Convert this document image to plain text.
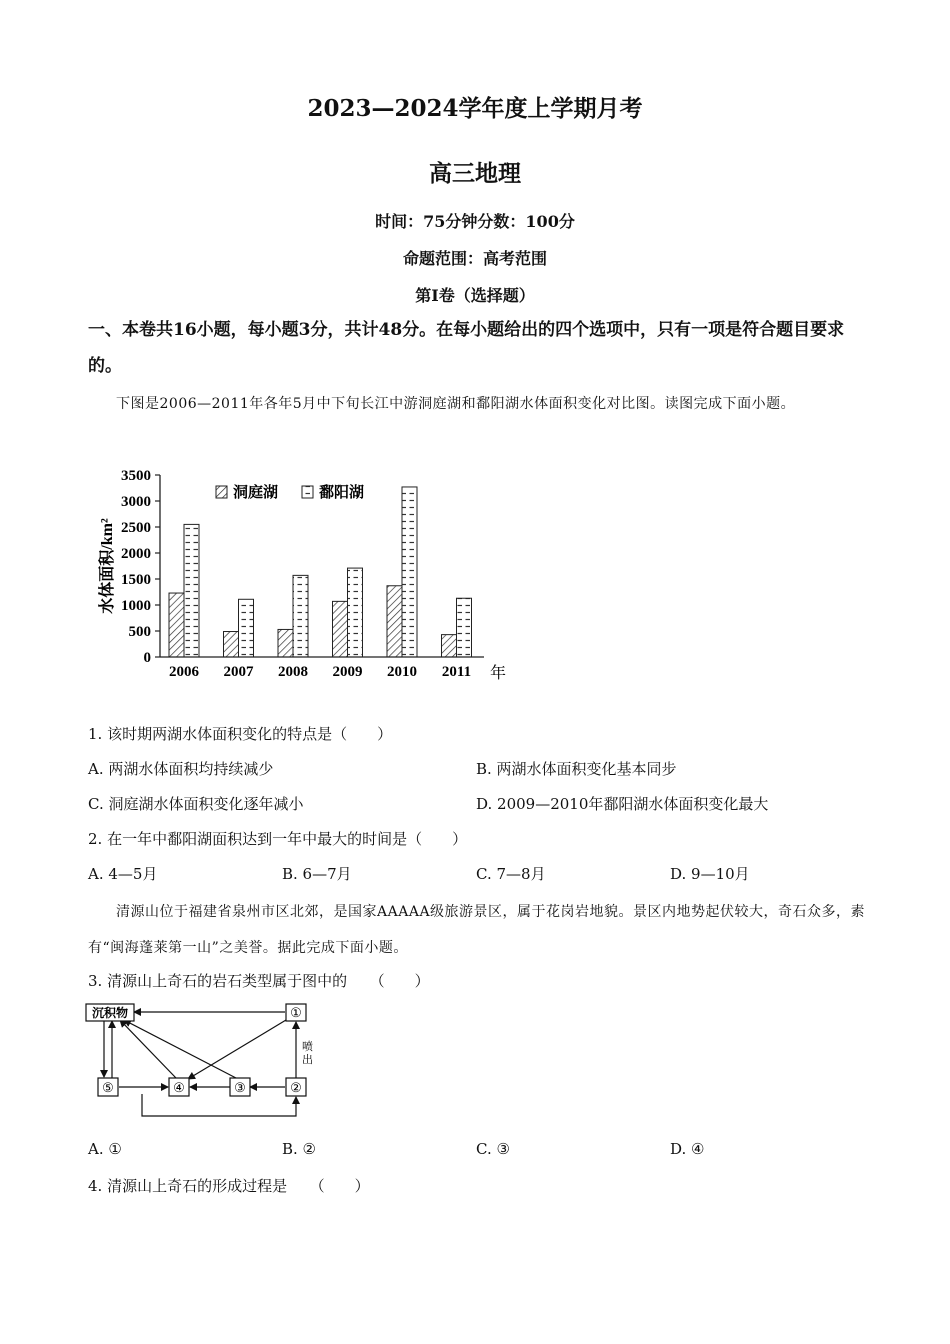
2023—2024学年度上学期月考
高三地理
时间：75分钟分数：100分
命题范围：高考范围
第Ⅰ卷（选择题）
一、本卷共16小题，每小题3分，共计48分。在每小题给出的四个选项中，只有一项是符合题目要求的。
下图是2006—2011年各年5月中下旬长江中游洞庭湖和鄱阳湖水体面积变化对比图。读图完成下面小题。
0
500
1000
1500
2000
2500
3000
3500
2006 2007 2008 2009 2010 2011 年
水体面积/km²
洞庭湖	鄱阳湖
1. 该时期两湖水体面积变化的特点是（　　）
A. 两湖水体面积均持续减少	B. 两湖水体面积变化基本同步
C. 洞庭湖水体面积变化逐年减小	D. 2009—2010年鄱阳湖水体面积变化最大
2. 在一年中鄱阳湖面积达到一年中最大的时间是（　　）
A. 4—5月	B. 6—7月	C. 7—8月	D. 9—10月
清源山位于福建省泉州市区北郊，是国家AAAAA级旅游景区，属于花岗岩地貌。景区内地势起伏较大，奇石众多，素有“闽海蓬莱第一山”之美誉。据此完成下面小题。
3. 清源山上奇石的岩石类型属于图中的　　（　　）
沉积物	①
②
③
④
⑤
喷
出
A. ①	B. ②	C. ③	D. ④
4. 清源山上奇石的形成过程是　　（　　）
